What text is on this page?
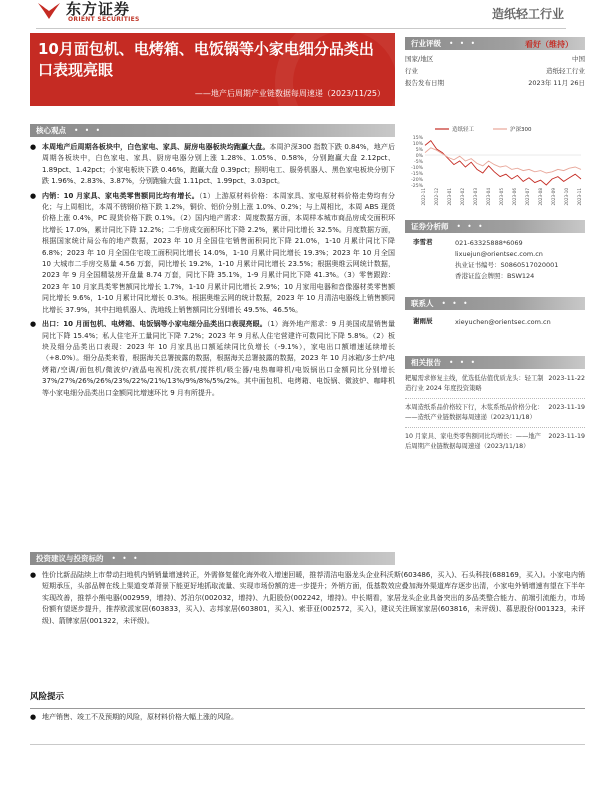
东方证券
ORIENT SECURITIES	造纸轻工行业
10月面包机、电烤箱、电饭锅等小家电细分品类出口表现亮眼
——地产后周期产业链数据每周速递（2023/11/25）
核心观点 • • •
● 本周地产后周期各板块中，白色家电、家具、厨房电器板块均跑赢大盘。本周沪深300 指数下跌 0.84%，地产后周期各板块中，白色家电、家具、厨房电器分别上涨 1.28%、1.05%、0.58%，分别跑赢大盘 2.12pct、1.89pct、1.42pct；小家电板块下跌 0.46%，跑赢大盘 0.39pct；照明电工、服务机器人、黑色家电板块分别下跌 1.96%、2.83%、3.87%，分别跑输大盘 1.11pct、1.99pct、3.03pct。
● 内销：10 月家具、家电类零售额同比均有增长。（1）上游原材料价格：本周家具、家电原材料价格走势均有分化；与上周相比，本周不锈钢价格下跌 1.2%，铜价、铝价分别上涨 1.0%、0.2%；与上周相比，本周 ABS 现货价格上涨 0.4%，PC 现货价格下跌 0.1%。（2）国内地产需求：周度数据方面，本周样本城市商品房成交面积环比增长 17.0%，累计同比下降 12.2%；二手房成交面积环比下降 2.2%，累计同比增长 32.5%。月度数据方面，根据国家统计局公布的地产数据，2023 年 10 月全国住宅销售面积同比下降 21.0%，1-10 月累计同比下降 6.8%；2023 年 10 月全国住宅竣工面积同比增长 14.0%，1-10 月累计同比增长 19.3%；2023 年 10 月全国 10 大城市二手房交易量 4.56 万套，同比增长 19.2%，1-10 月累计同比增长 23.5%；根据奥维云网统计数据，2023 年 9 月全国精装房开盘量 8.74 万套，同比下降 35.1%，1-9 月累计同比下降 41.3%。（3）零售跟踪：2023 年 10 月家具类零售额同比增长 1.7%，1-10 月累计同比增长 2.9%；10 月家用电器和音像器材类零售额同比增长 9.6%，1-10 月累计同比增长 0.3%。根据奥维云网的统计数据，2023 年 10 月清洁电器线上销售额同比增长 37.9%，其中扫地机器人、洗地线上销售额同比分别增长 49.5%、46.5%。
● 出口：10 月面包机、电烤箱、电饭锅等小家电细分品类出口表现亮眼。（1）海外地产需求：9 月美国成屋销售量同比下降 15.4%；私人住宅开工量同比下降 7.2%；2023 年 9 月私人住宅营建许可数同比下降 5.8%。（2）板块及细分品类出口表现：2023 年 10 月家具出口额延续同比负增长（-9.1%），家电出口额增速延续增长（+8.0%）。细分品类来看，根据海关总署披露的数据，根据海关总署披露的数据，2023 年 10 月冰箱/多士炉/电烤箱/空调/面包机/微波炉/液晶电视机/洗衣机/搅拌机/吸尘器/电热咖啡机/电饭锅出口金额同比分别增长 37%/27%/26%/26%/23%/22%/21%/13%/9%/8%/5%/2%。其中面包机、电烤箱、电饭锅、微波炉、咖啡机等小家电细分品类出口金额同比增速环比 9 月有所提升。
投资建议与投资标的 • • •
● 性价比新品陆续上市带动扫地机内销销量增速转正，外需修复催化海外收入增速回暖，推荐清洁电器龙头企业科沃斯(603486，买入)、石头科技(688169，买入)。小家电内销短期承压，头部品牌在线上渠道变革背景下能更好地抓取流量、实现市场份额的进一步提升；外销方面，低基数效应叠加海外渠道库存逐步出清，小家电外销增速有望在下半年实现改善，推荐小熊电器(002959，增持)、苏泊尔(002032，增持)、九阳股份(002242，增持)。中长期看，家居龙头企业具备突出的多品类整合能力、前端引流能力，市场份额有望逐步提升，推荐欧派家居(603833，买入)、志邦家居(603801，买入)、索菲亚(002572，买入)，建议关注顾家家居(603816，未评级)、慕思股份(001323，未评级)、箭牌家居(001322，未评级)。
风险提示
● 地产销售、竣工不及预期的风险，原材料价格大幅上涨的风险。
行业评级 • • •	看好（维持）
国家/地区	中国
行业	造纸轻工行业
报告发布日期	2023年 11月 26日
造纸轻工	沪深300
15%
10%
5%
0%
-5%
-10%
-15%
-20%
-25%
2022-11 2022-12 2023-01 2023-02 2023-03 2023-04 2023-05 2023-06 2023-07 2023-08 2023-09 2023-10 2023-11
证券分析师 • • •
李雪君	021-63325888*6069
lixuejun@orientsec.com.cn
执业证书编号：S0860517020001
香港证监会牌照：BSW124
联系人 • • •
谢雨辰	xieyuchen@orientsec.com.cn
相关报告 • • •
耙履需求修复主线，优选低估值优质龙头：轻工制造行业 2024 年度投资策略
2023-11-22
本周造纸系品价格较下行，木浆系纸品价格分化：——造纸产业链数据每周速递（2023/11/18）
2023-11-19
10 月家具、家电类零售额同比均增长：——地产后周期产业链数据每周速递（2023/11/18）
2023-11-19
